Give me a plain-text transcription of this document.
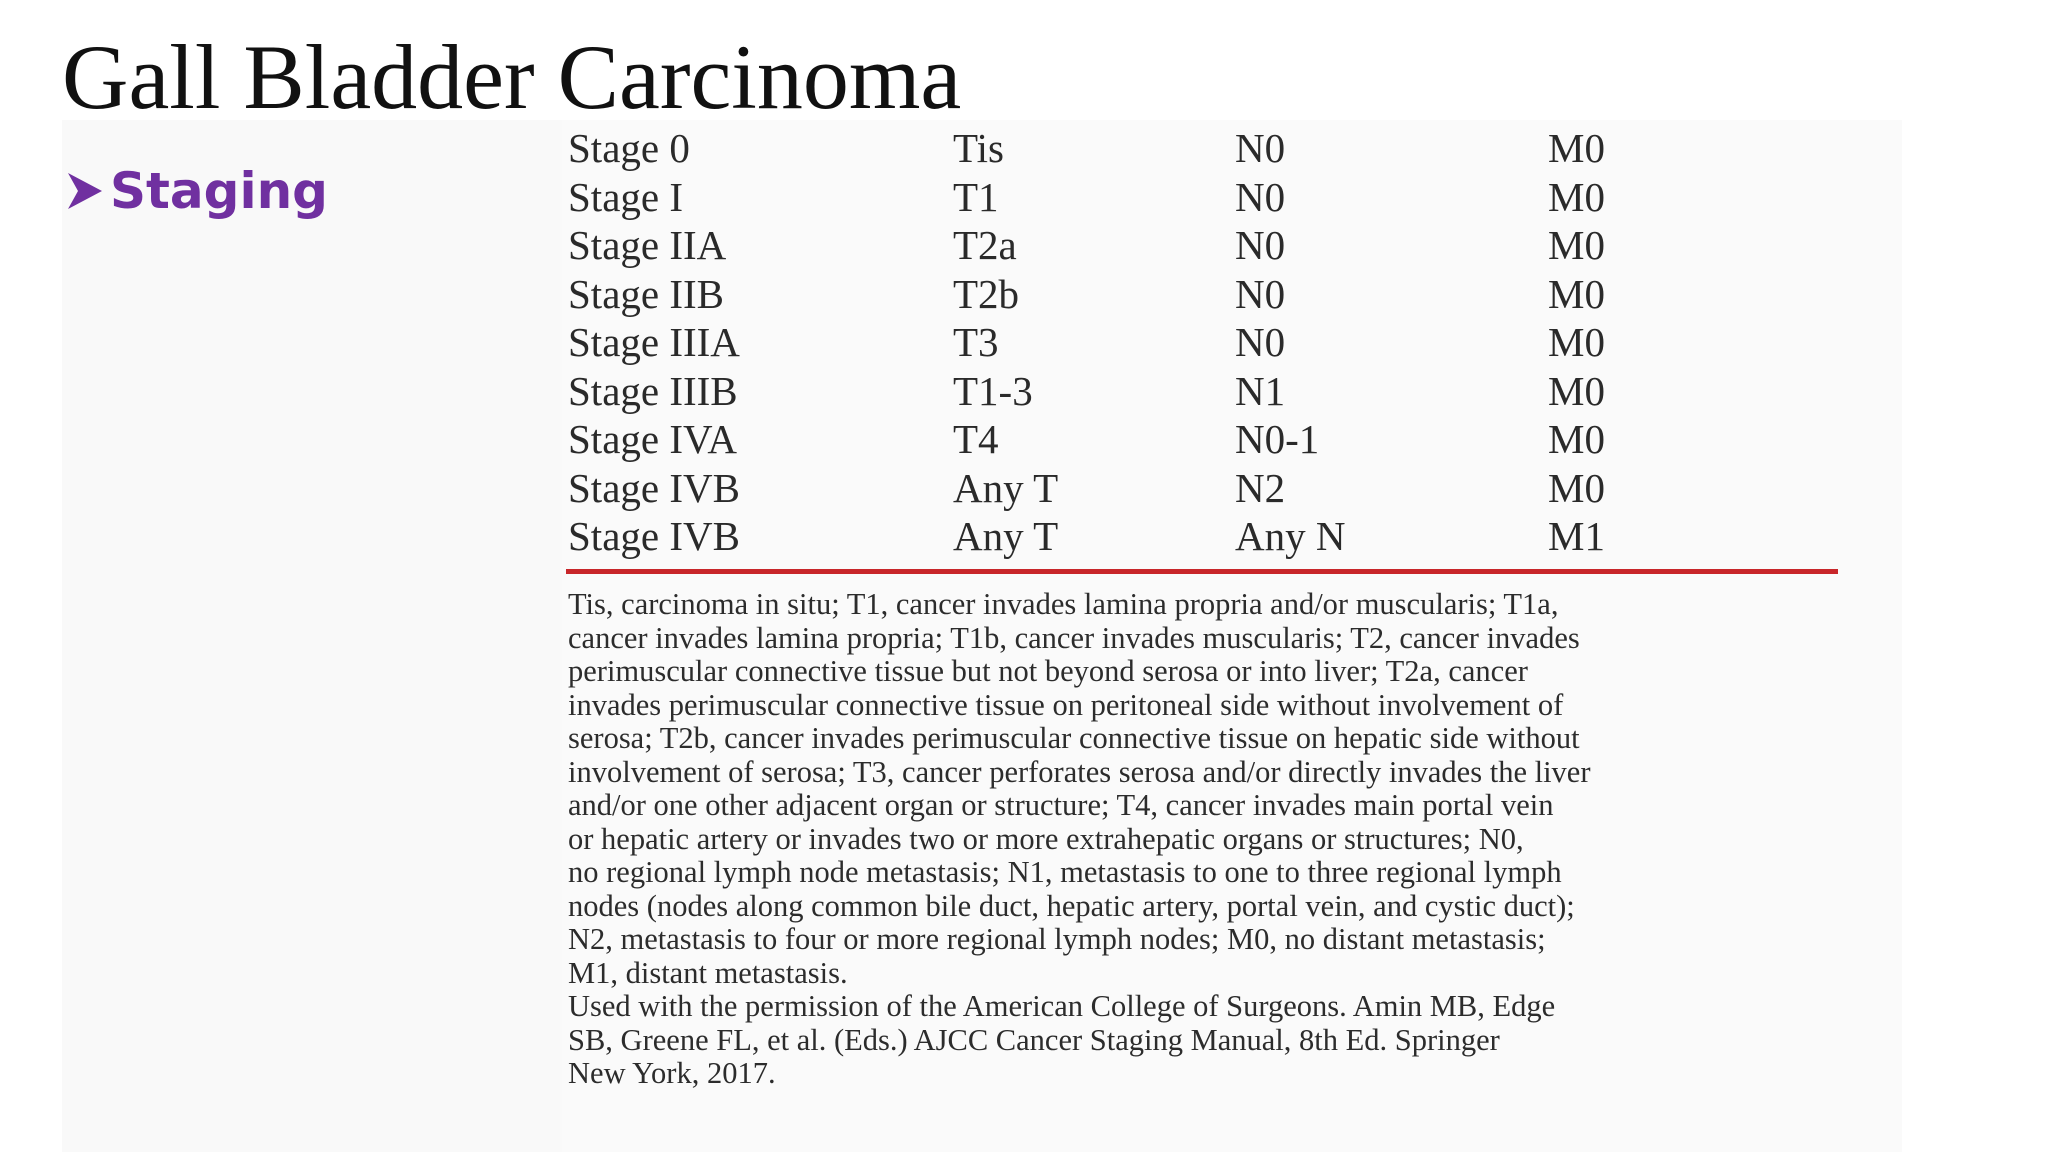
Gall Bladder Carcinoma
Staging
Stage 0	Tis	N0	M0
Stage I	T1	N0	M0
Stage IIA	T2a	N0	M0
Stage IIB	T2b	N0	M0
Stage IIIA	T3	N0	M0
Stage IIIB	T1-3	N1	M0
Stage IVA	T4	N0-1	M0
Stage IVB	Any T	N2	M0
Stage IVB	Any T	Any N	M1

Tis, carcinoma in situ; T1, cancer invades lamina propria and/or muscularis; T1a,

cancer invades lamina propria; T1b, cancer invades muscularis; T2, cancer invades

perimuscular connective tissue but not beyond serosa or into liver; T2a, cancer

invades perimuscular connective tissue on peritoneal side without involvement of

serosa; T2b, cancer invades perimuscular connective tissue on hepatic side without

involvement of serosa; T3, cancer perforates serosa and/or directly invades the liver

and/or one other adjacent organ or structure; T4, cancer invades main portal vein

or hepatic artery or invades two or more extrahepatic organs or structures; N0,

no regional lymph node metastasis; N1, metastasis to one to three regional lymph

nodes (nodes along common bile duct, hepatic artery, portal vein, and cystic duct);

N2, metastasis to four or more regional lymph nodes; M0, no distant metastasis;

M1, distant metastasis.

Used with the permission of the American College of Surgeons. Amin MB, Edge

SB, Greene FL, et al. (Eds.) AJCC Cancer Staging Manual, 8th Ed. Springer

New York, 2017.
